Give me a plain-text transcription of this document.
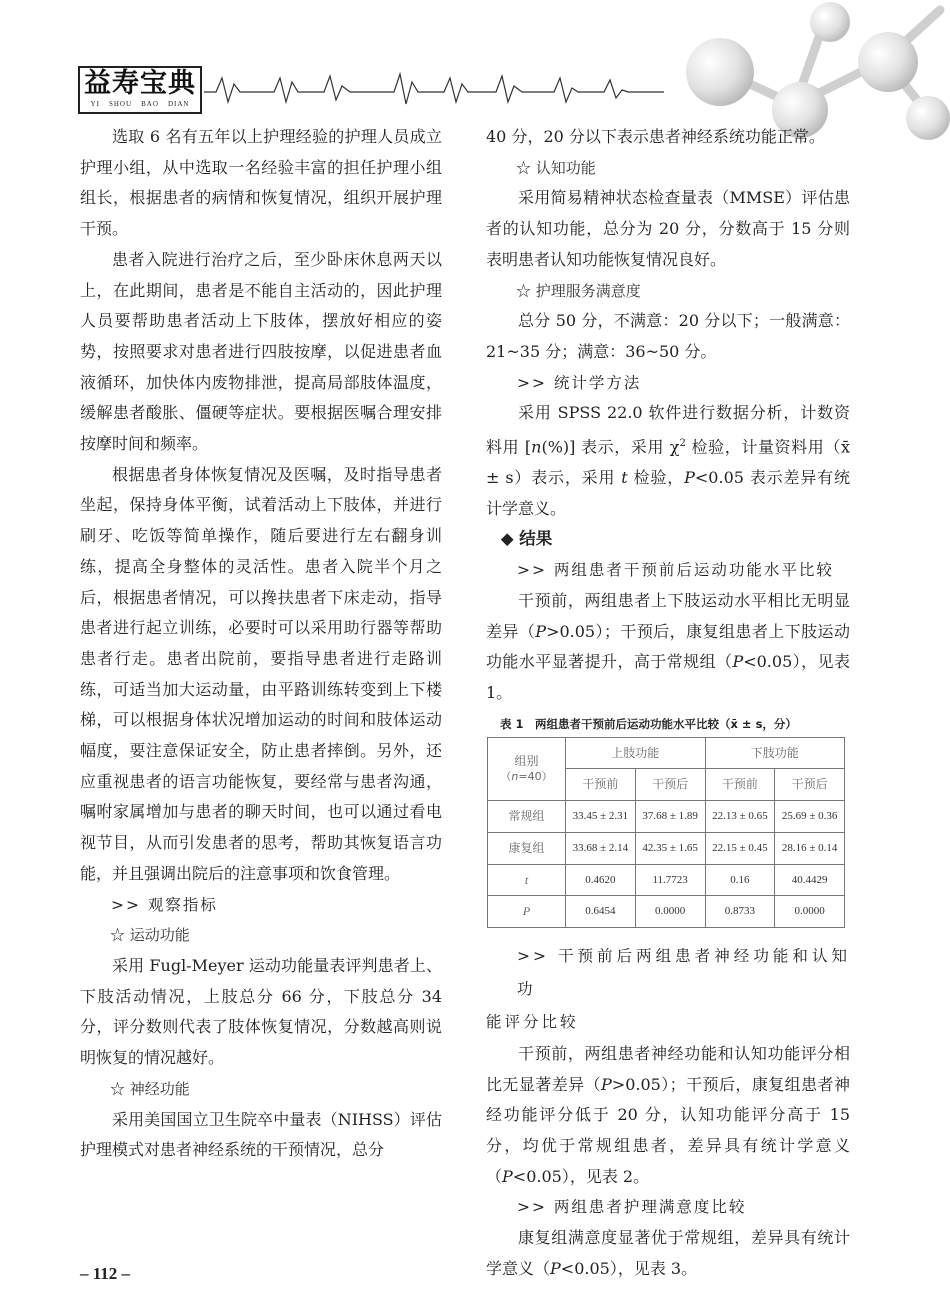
益寿宝典
YI SHOU BAO DIAN

选取 6 名有五年以上护理经验的护理人员成立护理小组，从中选取一名经验丰富的担任护理小组组长，根据患者的病情和恢复情况，组织开展护理干预。

患者入院进行治疗之后，至少卧床休息两天以上，在此期间，患者是不能自主活动的，因此护理人员要帮助患者活动上下肢体，摆放好相应的姿势，按照要求对患者进行四肢按摩，以促进患者血液循环，加快体内废物排泄，提高局部肢体温度，缓解患者酸胀、僵硬等症状。要根据医嘱合理安排按摩时间和频率。

根据患者身体恢复情况及医嘱，及时指导患者坐起，保持身体平衡，试着活动上下肢体，并进行刷牙、吃饭等简单操作，随后要进行左右翻身训练，提高全身整体的灵活性。患者入院半个月之后，根据患者情况，可以搀扶患者下床走动，指导患者进行起立训练，必要时可以采用助行器等帮助患者行走。患者出院前，要指导患者进行走路训练，可适当加大运动量，由平路训练转变到上下楼梯，可以根据身体状况增加运动的时间和肢体运动幅度，要注意保证安全，防止患者摔倒。另外，还应重视患者的语言功能恢复，要经常与患者沟通，嘱咐家属增加与患者的聊天时间，也可以通过看电视节目，从而引发患者的思考，帮助其恢复语言功能，并且强调出院后的注意事项和饮食管理。

>> 观察指标

☆ 运动功能

采用 Fugl-Meyer 运动功能量表评判患者上、下肢活动情况，上肢总分 66 分，下肢总分 34 分，评分数则代表了肢体恢复情况，分数越高则说明恢复的情况越好。

☆ 神经功能

采用美国国立卫生院卒中量表（NIHSS）评估护理模式对患者神经系统的干预情况，总分

40 分，20 分以下表示患者神经系统功能正常。

☆ 认知功能

采用简易精神状态检查量表（MMSE）评估患者的认知功能，总分为 20 分，分数高于 15 分则表明患者认知功能恢复情况良好。

☆ 护理服务满意度

总分 50 分，不满意：20 分以下；一般满意：21~35 分；满意：36~50 分。

>> 统计学方法

采用 SPSS 22.0 软件进行数据分析，计数资料用 [n(%)] 表示，采用 $\chi^2$ 检验，计量资料用（x̄ ± s）表示，采用 t 检验，P<0.05 表示差异有统计学意义。

◆ 结果

>> 两组患者干预前后运动功能水平比较

干预前，两组患者上下肢运动水平相比无明显差异（P>0.05）；干预后，康复组患者上下肢运动功能水平显著提升，高于常规组（P<0.05），见表 1。

表 1　两组患者干预前后运动功能水平比较（x̄ ± s，分）
组别
（n=40）	上肢功能		下肢功能	
	干预前	干预后	干预前	干预后
常规组	33.45 ± 2.31	37.68 ± 1.89	22.13 ± 0.65	25.69 ± 0.36
康复组	33.68 ± 2.14	42.35 ± 1.65	22.15 ± 0.45	28.16 ± 0.14
t	0.4620	11.7723	0.16	40.4429
P	0.6454	0.0000	0.8733	0.0000

>> 干预前后两组患者神经功能和认知功
能评分比较

干预前，两组患者神经功能和认知功能评分相比无显著差异（P>0.05）；干预后，康复组患者神经功能评分低于 20 分，认知功能评分高于 15 分，均优于常规组患者，差异具有统计学意义（P<0.05），见表 2。

>> 两组患者护理满意度比较

康复组满意度显著优于常规组，差异具有统计学意义（P<0.05），见表 3。

– 112 –
